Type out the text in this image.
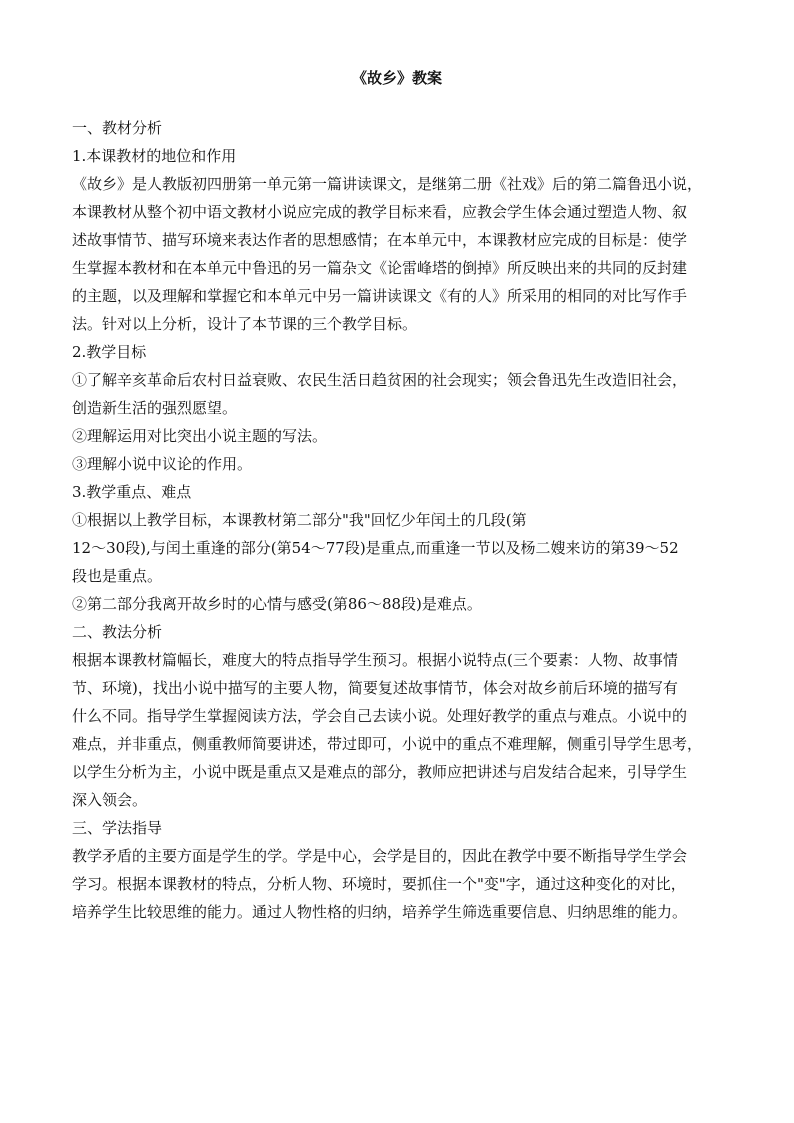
《故乡》教案

一、教材分析

1.本课教材的地位和作用

《故乡》是人教版初四册第一单元第一篇讲读课文，是继第二册《社戏》后的第二篇鲁迅小说，

本课教材从整个初中语文教材小说应完成的教学目标来看，应教会学生体会通过塑造人物、叙

述故事情节、描写环境来表达作者的思想感情；在本单元中，本课教材应完成的目标是：使学

生掌握本教材和在本单元中鲁迅的另一篇杂文《论雷峰塔的倒掉》所反映出来的共同的反封建

的主题，以及理解和掌握它和本单元中另一篇讲读课文《有的人》所采用的相同的对比写作手

法。针对以上分析，设计了本节课的三个教学目标。

2.教学目标

①了解辛亥革命后农村日益衰败、农民生活日趋贫困的社会现实；领会鲁迅先生改造旧社会，

创造新生活的强烈愿望。

②理解运用对比突出小说主题的写法。

③理解小说中议论的作用。

3.教学重点、难点

①根据以上教学目标，本课教材第二部分"我"回忆少年闰土的几段(第

12～30段),与闰土重逢的部分(第54～77段)是重点,而重逢一节以及杨二嫂来访的第39～52

段也是重点。

②第二部分我离开故乡时的心情与感受(第86～88段)是难点。

二、教法分析

根据本课教材篇幅长，难度大的特点指导学生预习。根据小说特点(三个要素：人物、故事情

节、环境)，找出小说中描写的主要人物，简要复述故事情节，体会对故乡前后环境的描写有

什么不同。指导学生掌握阅读方法，学会自己去读小说。处理好教学的重点与难点。小说中的

难点，并非重点，侧重教师简要讲述，带过即可，小说中的重点不难理解，侧重引导学生思考，

以学生分析为主，小说中既是重点又是难点的部分，教师应把讲述与启发结合起来，引导学生

深入领会。

三、学法指导

教学矛盾的主要方面是学生的学。学是中心，会学是目的，因此在教学中要不断指导学生学会

学习。根据本课教材的特点，分析人物、环境时，要抓住一个"变"字，通过这种变化的对比，

培养学生比较思维的能力。通过人物性格的归纳，培养学生筛选重要信息、归纳思维的能力。
